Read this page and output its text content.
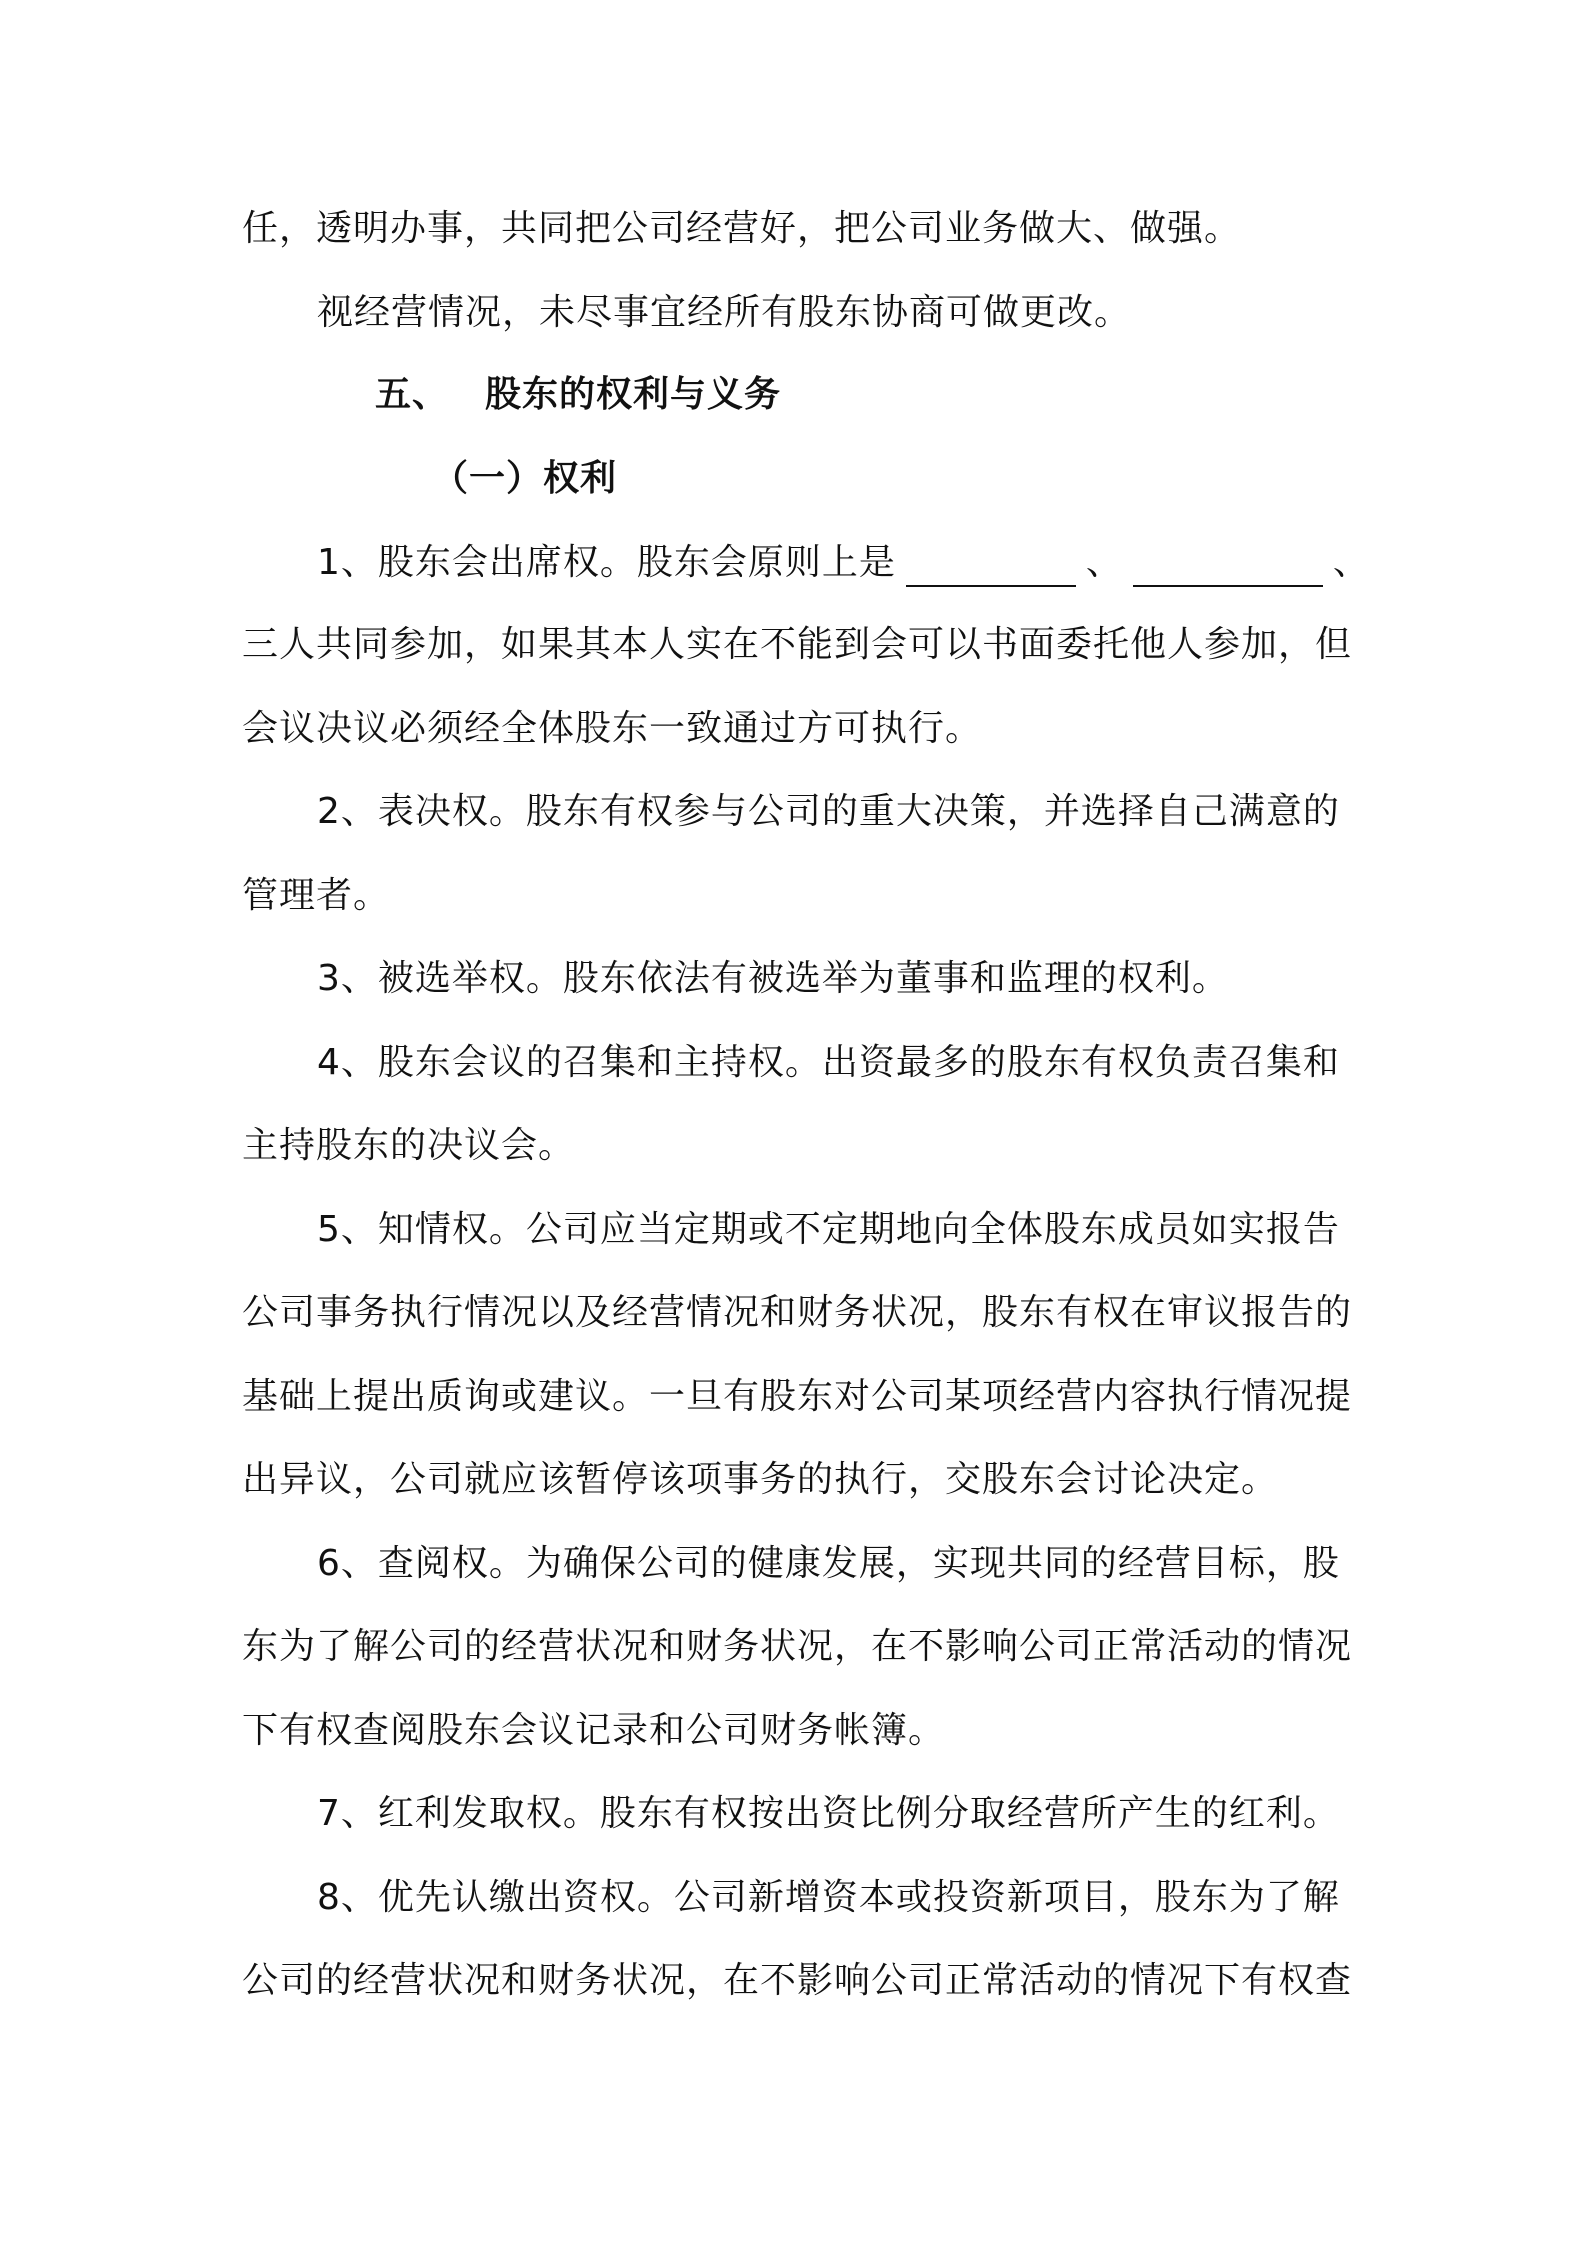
任，透明办事，共同把公司经营好，把公司业务做大、做强。
视经营情况，未尽事宜经所有股东协商可做更改。
五、 股东的权利与义务
（一）权利
1、股东会出席权。股东会原则上是	、	、
三人共同参加，如果其本人实在不能到会可以书面委托他人参加，但
会议决议必须经全体股东一致通过方可执行。
2、表决权。股东有权参与公司的重大决策，并选择自己满意的
管理者。
3、被选举权。股东依法有被选举为董事和监理的权利。
4、股东会议的召集和主持权。出资最多的股东有权负责召集和
主持股东的决议会。
5、知情权。公司应当定期或不定期地向全体股东成员如实报告
公司事务执行情况以及经营情况和财务状况，股东有权在审议报告的
基础上提出质询或建议。一旦有股东对公司某项经营内容执行情况提
出异议，公司就应该暂停该项事务的执行，交股东会讨论决定。
6、查阅权。为确保公司的健康发展，实现共同的经营目标，股
东为了解公司的经营状况和财务状况，在不影响公司正常活动的情况
下有权查阅股东会议记录和公司财务帐簿。
7、红利发取权。股东有权按出资比例分取经营所产生的红利。
8、优先认缴出资权。公司新增资本或投资新项目，股东为了解
公司的经营状况和财务状况，在不影响公司正常活动的情况下有权查
